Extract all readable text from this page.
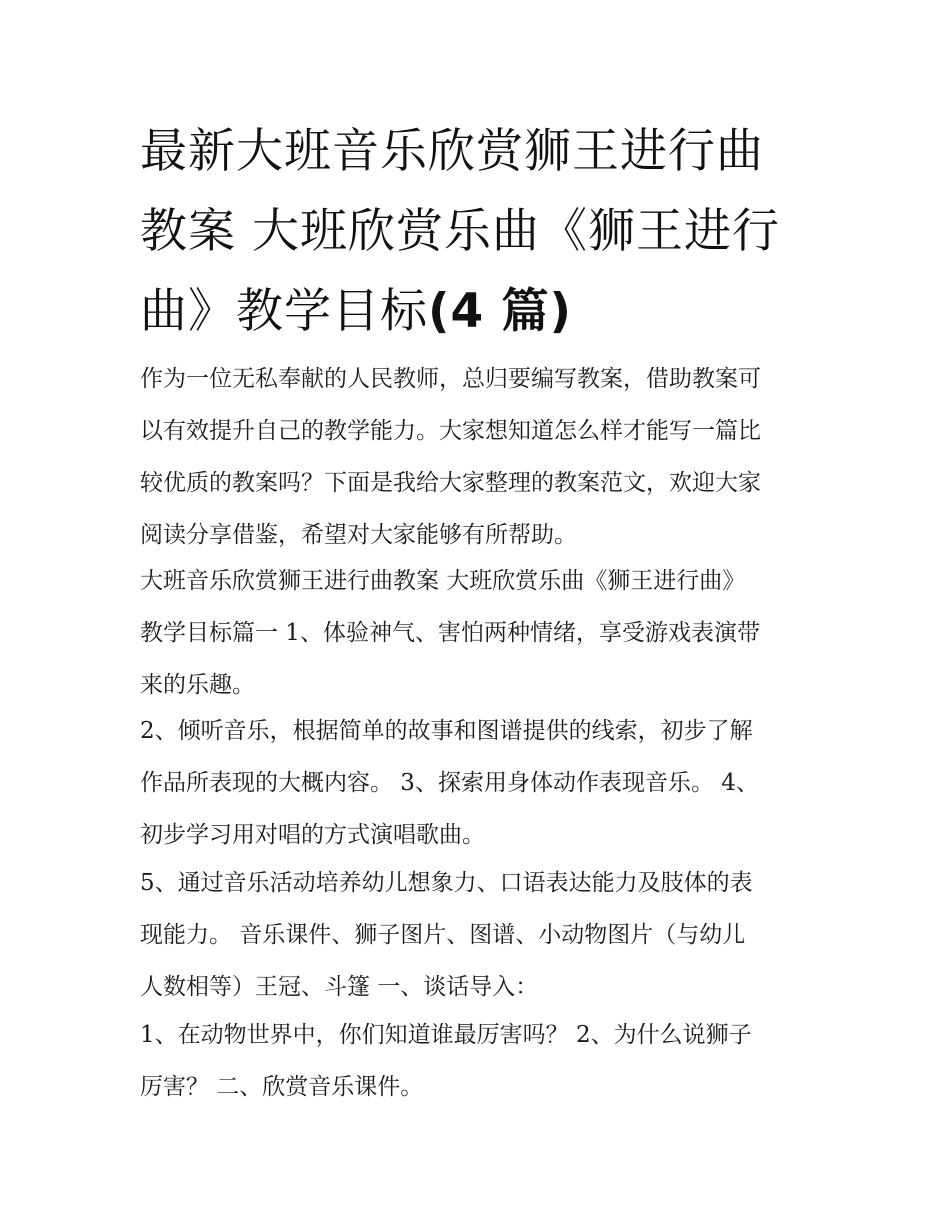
最新大班音乐欣赏狮王进行曲
教案 大班欣赏乐曲《狮王进行
曲》教学目标(4 篇)

作为一位无私奉献的人民教师，总归要编写教案，借助教案可
以有效提升自己的教学能力。大家想知道怎么样才能写一篇比
较优质的教案吗？下面是我给大家整理的教案范文，欢迎大家
阅读分享借鉴，希望对大家能够有所帮助。

大班音乐欣赏狮王进行曲教案 大班欣赏乐曲《狮王进行曲》
教学目标篇一 1、体验神气、害怕两种情绪，享受游戏表演带
来的乐趣。

2、倾听音乐，根据简单的故事和图谱提供的线索，初步了解
作品所表现的大概内容。 3、探索用身体动作表现音乐。 4、
初步学习用对唱的方式演唱歌曲。

5、通过音乐活动培养幼儿想象力、口语表达能力及肢体的表
现能力。 音乐课件、狮子图片、图谱、小动物图片（与幼儿
人数相等）王冠、斗篷 一、谈话导入：

1、在动物世界中，你们知道谁最厉害吗？ 2、为什么说狮子
厉害？ 二、欣赏音乐课件。
